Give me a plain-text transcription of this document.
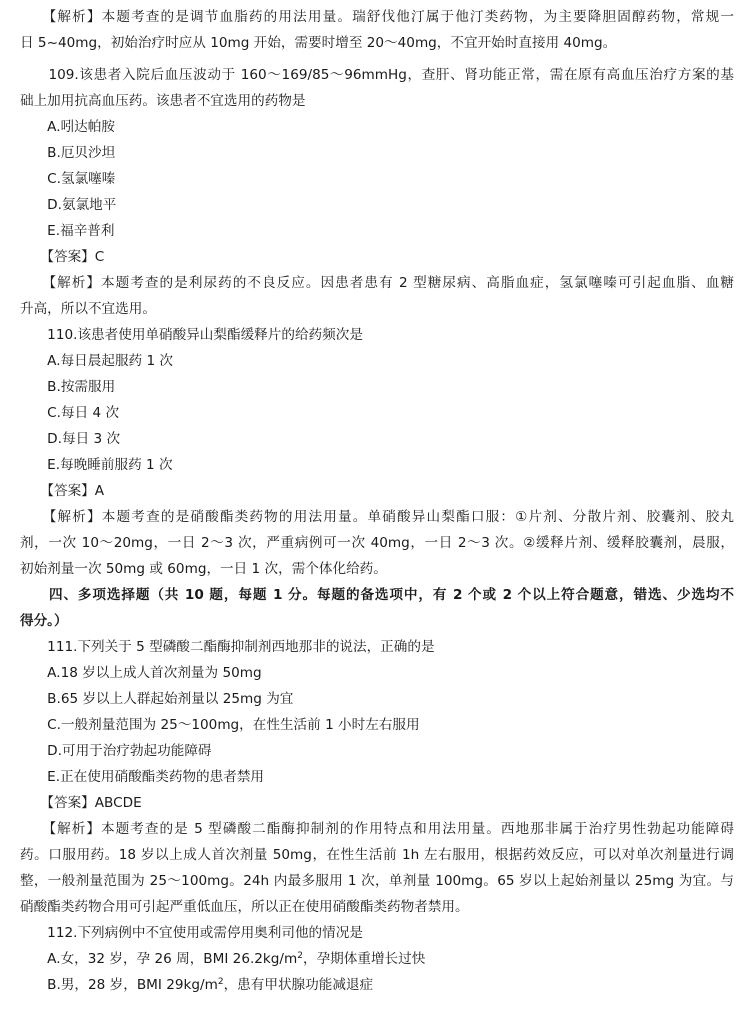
　　【解析】本题考查的是调节血脂药的用法用量。瑞舒伐他汀属于他汀类药物，为主要降胆固醇药物，常规一
日 5~40mg，初始治疗时应从 10mg 开始，需要时增至 20～40mg，不宜开始时直接用 40mg。
　　109.该患者入院后血压波动于 160～169/85～96mmHg，查肝、肾功能正常，需在原有高血压治疗方案的基
础上加用抗高血压药。该患者不宜选用的药物是
　　A.吲达帕胺
　　B.厄贝沙坦
　　C.氢氯噻嗪
　　D.氨氯地平
　　E.福辛普利
　　【答案】C
　　【解析】本题考查的是利尿药的不良反应。因患者患有 2 型糖尿病、高脂血症，氢氯噻嗪可引起血脂、血糖
升高，所以不宜选用。
　　110.该患者使用单硝酸异山梨酯缓释片的给药频次是
　　A.每日晨起服药 1 次
　　B.按需服用
　　C.每日 4 次
　　D.每日 3 次
　　E.每晚睡前服药 1 次
　　【答案】A
　　【解析】本题考查的是硝酸酯类药物的用法用量。单硝酸异山梨酯口服：①片剂、分散片剂、胶囊剂、胶丸
剂，一次 10～20mg，一日 2～3 次，严重病例可一次 40mg，一日 2～3 次。②缓释片剂、缓释胶囊剂，晨服，
初始剂量一次 50mg 或 60mg，一日 1 次，需个体化给药。
　　四、多项选择题（共 10 题，每题 1 分。每题的备选项中，有 2 个或 2 个以上符合题意，错选、少选均不
得分。）
　　111.下列关于 5 型磷酸二酯酶抑制剂西地那非的说法，正确的是
　　A.18 岁以上成人首次剂量为 50mg
　　B.65 岁以上人群起始剂量以 25mg 为宜
　　C.一般剂量范围为 25～100mg，在性生活前 1 小时左右服用
　　D.可用于治疗勃起功能障碍
　　E.正在使用硝酸酯类药物的患者禁用
　　【答案】ABCDE
　　【解析】本题考查的是 5 型磷酸二酯酶抑制剂的作用特点和用法用量。西地那非属于治疗男性勃起功能障碍
药。口服用药。18 岁以上成人首次剂量 50mg，在性生活前 1h 左右服用，根据药效反应，可以对单次剂量进行调
整，一般剂量范围为 25～100mg。24h 内最多服用 1 次，单剂量 100mg。65 岁以上起始剂量以 25mg 为宜。与
硝酸酯类药物合用可引起严重低血压，所以正在使用硝酸酯类药物者禁用。
　　112.下列病例中不宜使用或需停用奥利司他的情况是
　　A.女，32 岁，孕 26 周，BMI $26.2kg/m^2$，孕期体重增长过快
　　B.男，28 岁，BMI $29kg/m^2$，患有甲状腺功能减退症
